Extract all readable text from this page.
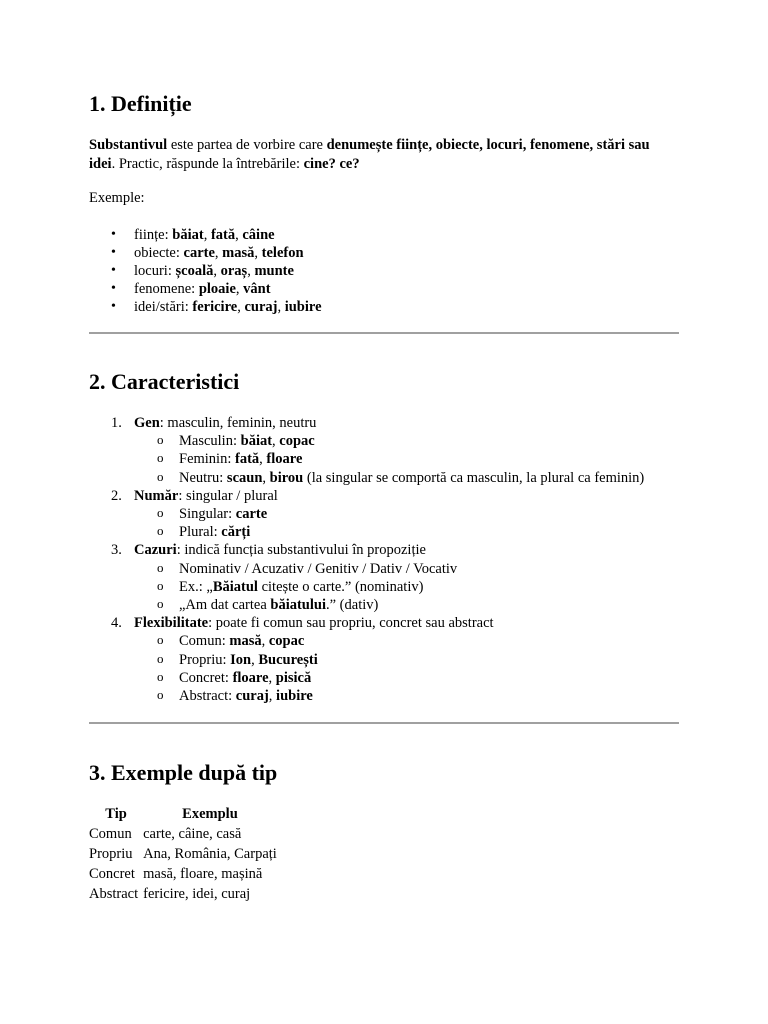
1. Definiție

Substantivul este partea de vorbire care denumește ființe, obiecte, locuri, fenomene, stări sau idei. Practic, răspunde la întrebările: cine? ce?

Exemple:

• ființe: băiat, fată, câine
• obiecte: carte, masă, telefon
• locuri: școală, oraș, munte
• fenomene: ploaie, vânt
• idei/stări: fericire, curaj, iubire
2. Caracteristici
1. Gen: masculin, feminin, neutru
o Masculin: băiat, copac
o Feminin: fată, floare
o Neutru: scaun, birou (la singular se comportă ca masculin, la plural ca feminin)
2. Număr: singular / plural
o Singular: carte
o Plural: cărți
3. Cazuri: indică funcția substantivului în propoziție
o Nominativ / Acuzativ / Genitiv / Dativ / Vocativ
o Ex.: „Băiatul citește o carte.” (nominativ)
o „Am dat cartea băiatului.” (dativ)
4. Flexibilitate: poate fi comun sau propriu, concret sau abstract
o Comun: masă, copac
o Propriu: Ion, București
o Concret: floare, pisică
o Abstract: curaj, iubire
3. Exemple după tip
Tip	Exemplu
Comun	carte, câine, casă
Propriu	Ana, România, Carpați
Concret	masă, floare, mașină
Abstract	fericire, idei, curaj
